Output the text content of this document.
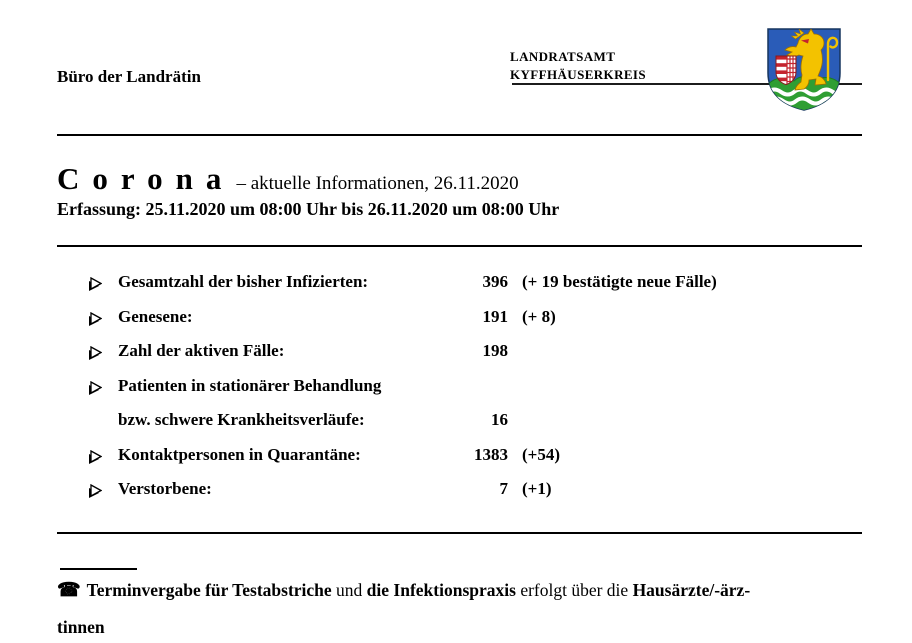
Büro der Landrätin
LANDRATSAMT
KYFFHÄUSERKREIS
Corona – aktuelle Informationen, 26.11.2020
Erfassung: 25.11.2020 um 08:00 Uhr bis 26.11.2020 um 08:00 Uhr
Gesamtzahl der bisher Infizierten:	396 (+ 19 bestätigte neue Fälle)
Genesene:	191 (+ 8)
Zahl der aktiven Fälle:	198
Patienten in stationärer Behandlung
bzw. schwere Krankheitsverläufe:	16
Kontaktpersonen in Quarantäne:	1383 (+54)
Verstorbene:	7 (+1)
☎ Terminvergabe für Testabstriche und die Infektionspraxis erfolgt über die Hausärzte/-ärz-
tinnen
